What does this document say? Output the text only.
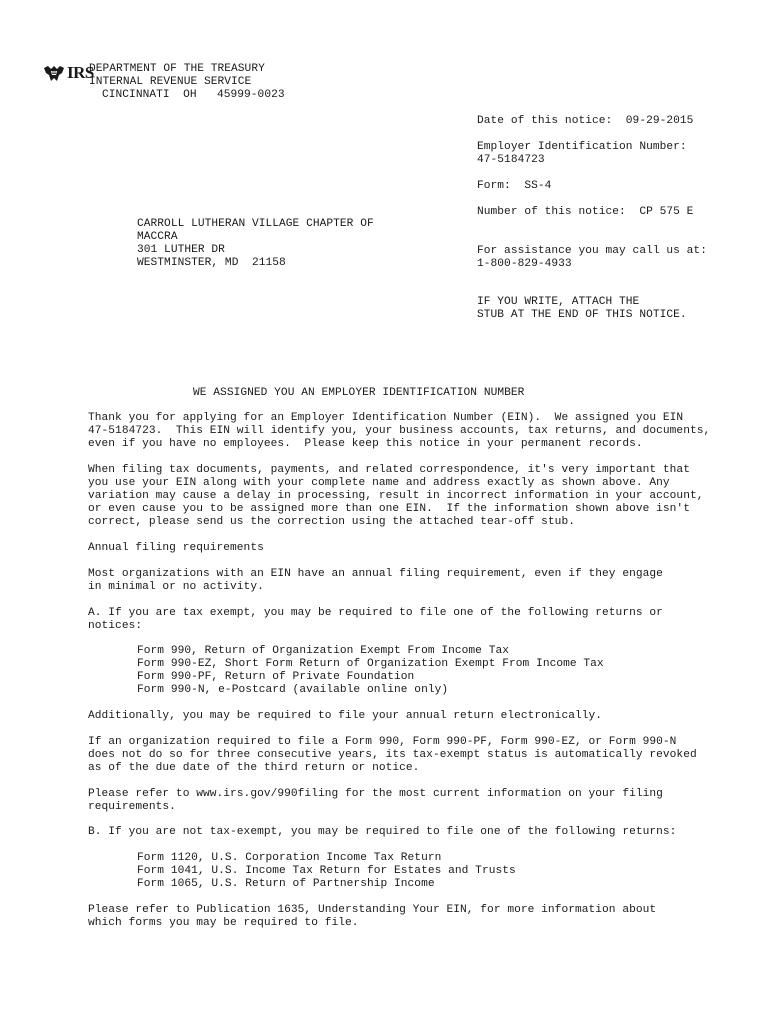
IRS
DEPARTMENT OF THE TREASURY
INTERNAL REVENUE SERVICE
CINCINNATI  OH   45999-0023
Date of this notice:  09-29-2015
Employer Identification Number:
47-5184723
Form:  SS-4
Number of this notice:  CP 575 E
For assistance you may call us at:
1-800-829-4933
IF YOU WRITE, ATTACH THE
STUB AT THE END OF THIS NOTICE.
CARROLL LUTHERAN VILLAGE CHAPTER OF
MACCRA
301 LUTHER DR
WESTMINSTER, MD  21158
WE ASSIGNED YOU AN EMPLOYER IDENTIFICATION NUMBER
Thank you for applying for an Employer Identification Number (EIN).  We assigned you EIN
47-5184723.  This EIN will identify you, your business accounts, tax returns, and documents,
even if you have no employees.  Please keep this notice in your permanent records.
When filing tax documents, payments, and related correspondence, it's very important that
you use your EIN along with your complete name and address exactly as shown above. Any
variation may cause a delay in processing, result in incorrect information in your account,
or even cause you to be assigned more than one EIN.  If the information shown above isn't
correct, please send us the correction using the attached tear-off stub.
Annual filing requirements
Most organizations with an EIN have an annual filing requirement, even if they engage
in minimal or no activity.
A. If you are tax exempt, you may be required to file one of the following returns or
notices:
Form 990, Return of Organization Exempt From Income Tax
Form 990-EZ, Short Form Return of Organization Exempt From Income Tax
Form 990-PF, Return of Private Foundation
Form 990-N, e-Postcard (available online only)
Additionally, you may be required to file your annual return electronically.
If an organization required to file a Form 990, Form 990-PF, Form 990-EZ, or Form 990-N
does not do so for three consecutive years, its tax-exempt status is automatically revoked
as of the due date of the third return or notice.
Please refer to www.irs.gov/990filing for the most current information on your filing
requirements.
B. If you are not tax-exempt, you may be required to file one of the following returns:
Form 1120, U.S. Corporation Income Tax Return
Form 1041, U.S. Income Tax Return for Estates and Trusts
Form 1065, U.S. Return of Partnership Income
Please refer to Publication 1635, Understanding Your EIN, for more information about
which forms you may be required to file.
